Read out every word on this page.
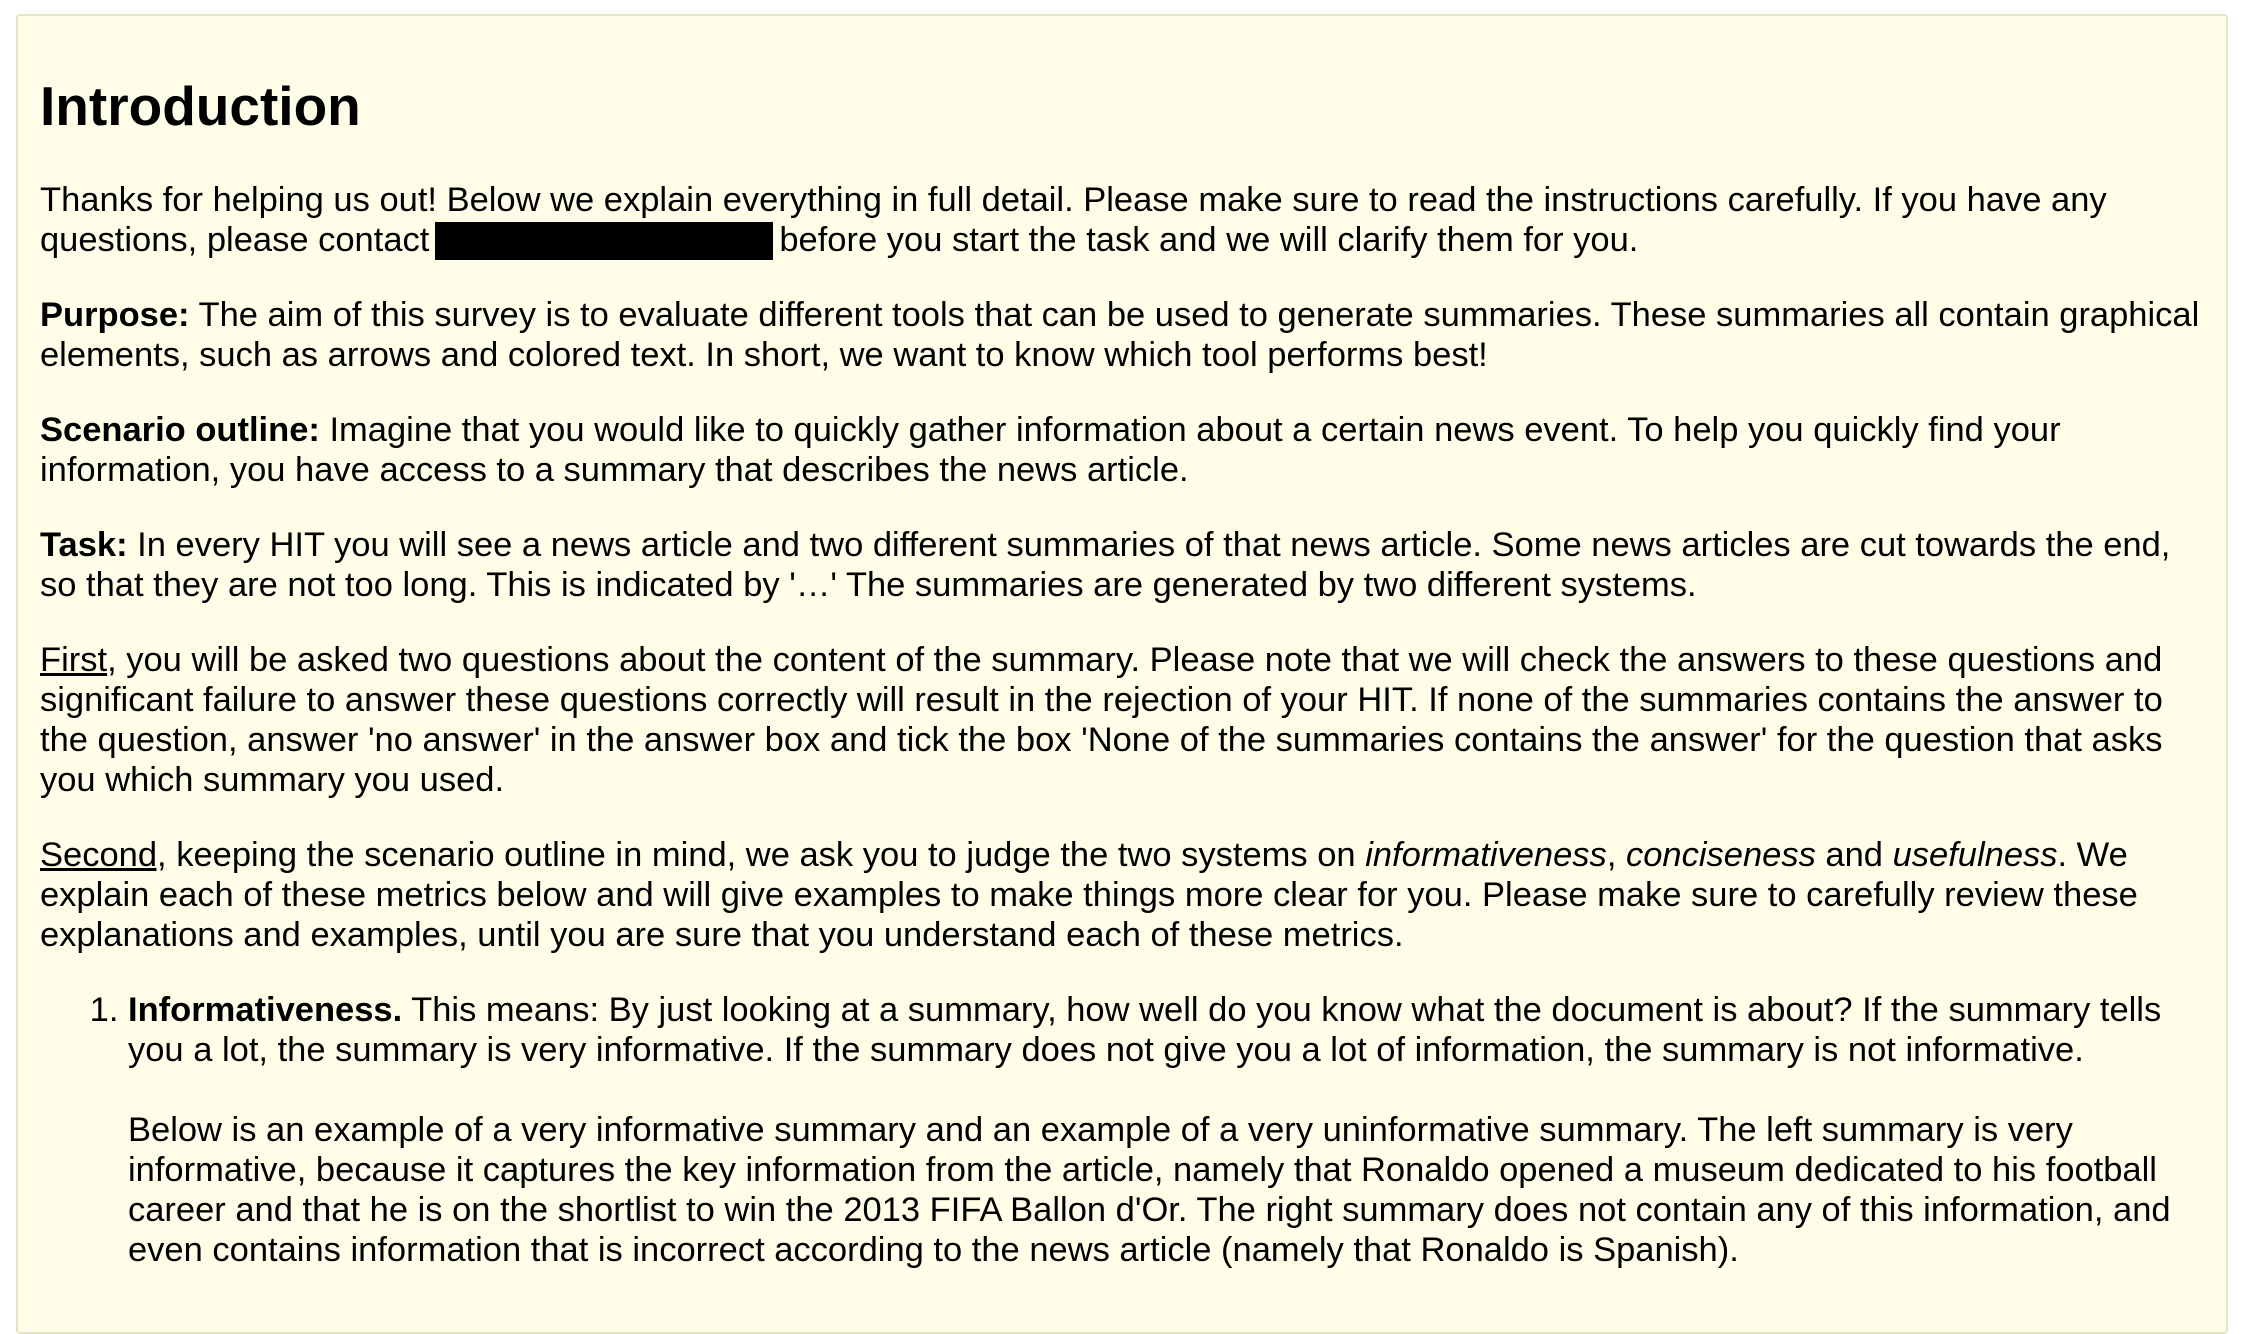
Introduction

Thanks for helping us out! Below we explain everything in full detail. Please make sure to read the instructions carefully. If you have any questions, please contact	before you start the task and we will clarify them for you.

Purpose: The aim of this survey is to evaluate different tools that can be used to generate summaries. These summaries all contain graphical elements, such as arrows and colored text. In short, we want to know which tool performs best!

Scenario outline: Imagine that you would like to quickly gather information about a certain news event. To help you quickly find your information, you have access to a summary that describes the news article.

Task: In every HIT you will see a news article and two different summaries of that news article. Some news articles are cut towards the end, so that they are not too long. This is indicated by '…' The summaries are generated by two different systems.

First, you will be asked two questions about the content of the summary. Please note that we will check the answers to these questions and significant failure to answer these questions correctly will result in the rejection of your HIT. If none of the summaries contains the answer to the question, answer 'no answer' in the answer box and tick the box 'None of the summaries contains the answer' for the question that asks you which summary you used.

Second, keeping the scenario outline in mind, we ask you to judge the two systems on informativeness, conciseness and usefulness. We explain each of these metrics below and will give examples to make things more clear for you. Please make sure to carefully review these explanations and examples, until you are sure that you understand each of these metrics.

1. Informativeness. This means: By just looking at a summary, how well do you know what the document is about? If the summary tells you a lot, the summary is very informative. If the summary does not give you a lot of information, the summary is not informative.

Below is an example of a very informative summary and an example of a very uninformative summary. The left summary is very informative, because it captures the key information from the article, namely that Ronaldo opened a museum dedicated to his football career and that he is on the shortlist to win the 2013 FIFA Ballon d'Or. The right summary does not contain any of this information, and even contains information that is incorrect according to the news article (namely that Ronaldo is Spanish).
